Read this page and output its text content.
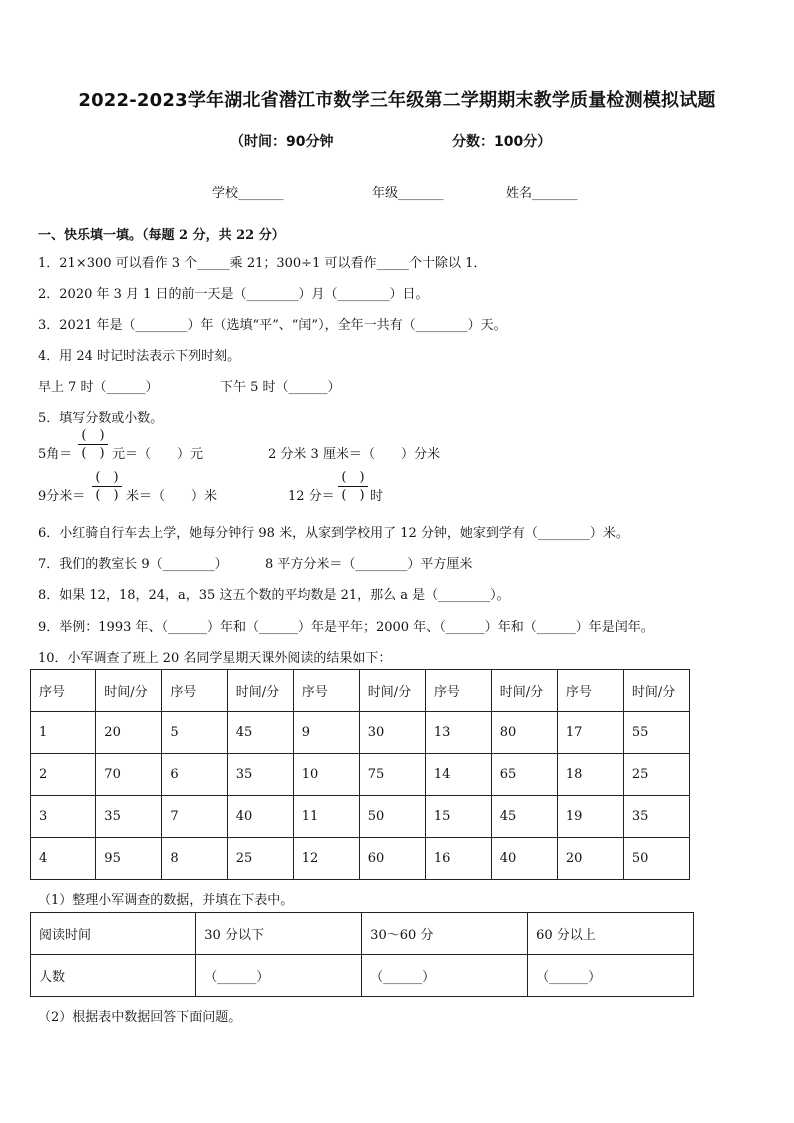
2022-2023学年湖北省潜江市数学三年级第二学期期末教学质量检测模拟试题
（时间：90分钟	分数：100分）
学校_______	年级_______	姓名_______
一、快乐填一填。（每题 2 分，共 22 分）
1．21×300 可以看作 3 个_____乘 21；300÷1 可以看作_____个十除以 1．
2．2020 年 3 月 1 日的前一天是（________）月（________）日。
3．2021 年是（________）年（选填“平”、“闰”），全年一共有（________）天。
4．用 24 时记时法表示下列时刻。
早上 7 时（______）	下午 5 时（______）
5．填写分数或小数。
5角＝
(　)
(　) 元＝（　　）元	2 分米 3 厘米＝（　　）分米
9分米＝
(　)
(　) 米＝（　　）米	12 分＝
(　)
(　) 时
6．小红骑自行车去上学，她每分钟行 98 米，从家到学校用了 12 分钟，她家到学有（________）米。
7．我们的教室长 9（________）	8 平方分米＝（________）平方厘米
8．如果 12，18，24，a，35 这五个数的平均数是 21，那么 a 是（________）。
9．举例：1993 年、（______）年和（______）年是平年；2000 年、（______）年和（______）年是闰年。
10．小军调查了班上 20 名同学星期天课外阅读的结果如下：
序号	时间/分	序号	时间/分	序号	时间/分	序号	时间/分	序号	时间/分
1	20	5	45	9	30	13	80	17	55
2	70	6	35	10	75	14	65	18	25
3	35	7	40	11	50	15	45	19	35
4	95	8	25	12	60	16	40	20	50
（1）整理小军调查的数据，并填在下表中。
阅读时间	30 分以下	30～60 分	60 分以上
人数	（______）	（______）	（______）
（2）根据表中数据回答下面问题。
